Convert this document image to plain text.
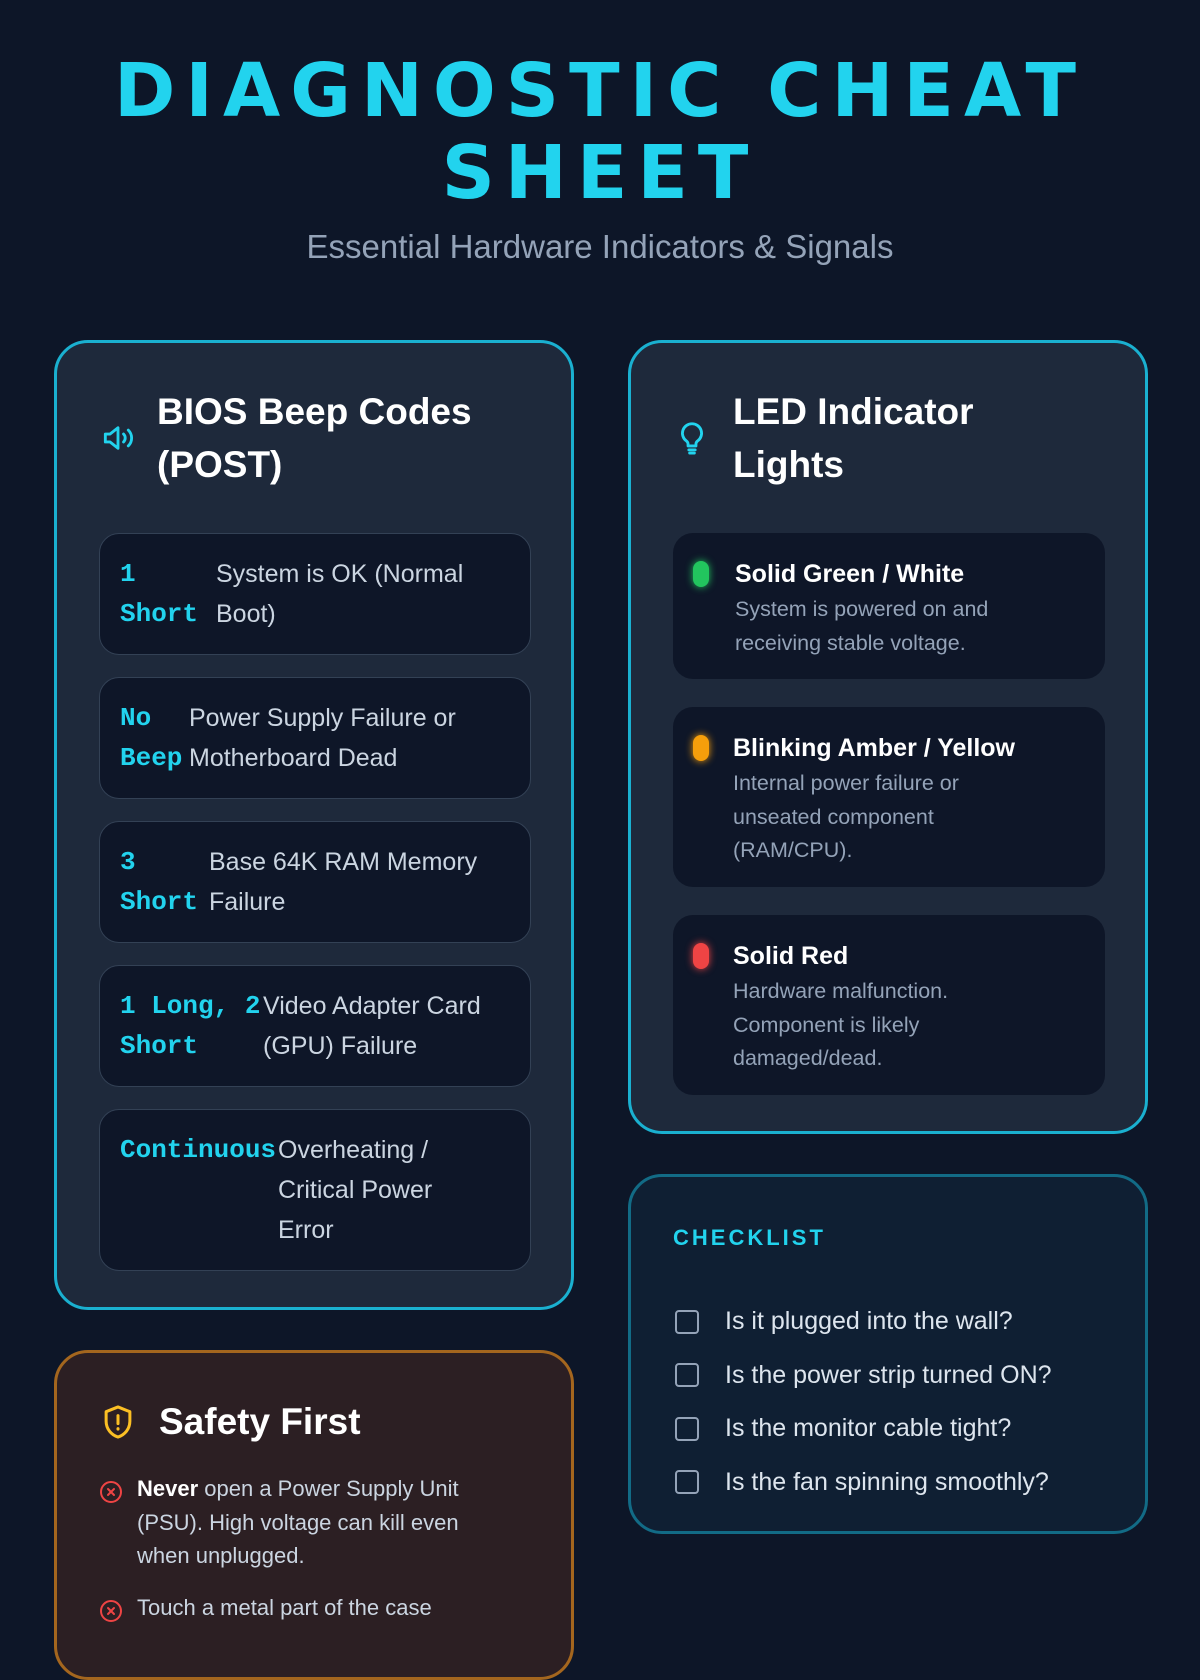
DIAGNOSTIC CHEAT SHEET
Essential Hardware Indicators & Signals
BIOS Beep Codes (POST)
1 Short
System is OK (Normal Boot)
No Beep
Power Supply Failure or Motherboard Dead
3 Short
Base 64K RAM Memory Failure
1 Long, 2 Short
Video Adapter Card (GPU) Failure
Continuous Overheating / Critical Power Error
LED Indicator Lights
Solid Green / White
System is powered on and receiving stable voltage.
Blinking Amber / Yellow
Internal power failure or unseated component (RAM/CPU).
Solid Red
Hardware malfunction. Component is likely damaged/dead.
CHECKLIST
Is it plugged into the wall?
Is the power strip turned ON?
Is the monitor cable tight?
Is the fan spinning smoothly?
Safety First
Never open a Power Supply Unit (PSU). High voltage can kill even when unplugged.
Touch a metal part of the case
